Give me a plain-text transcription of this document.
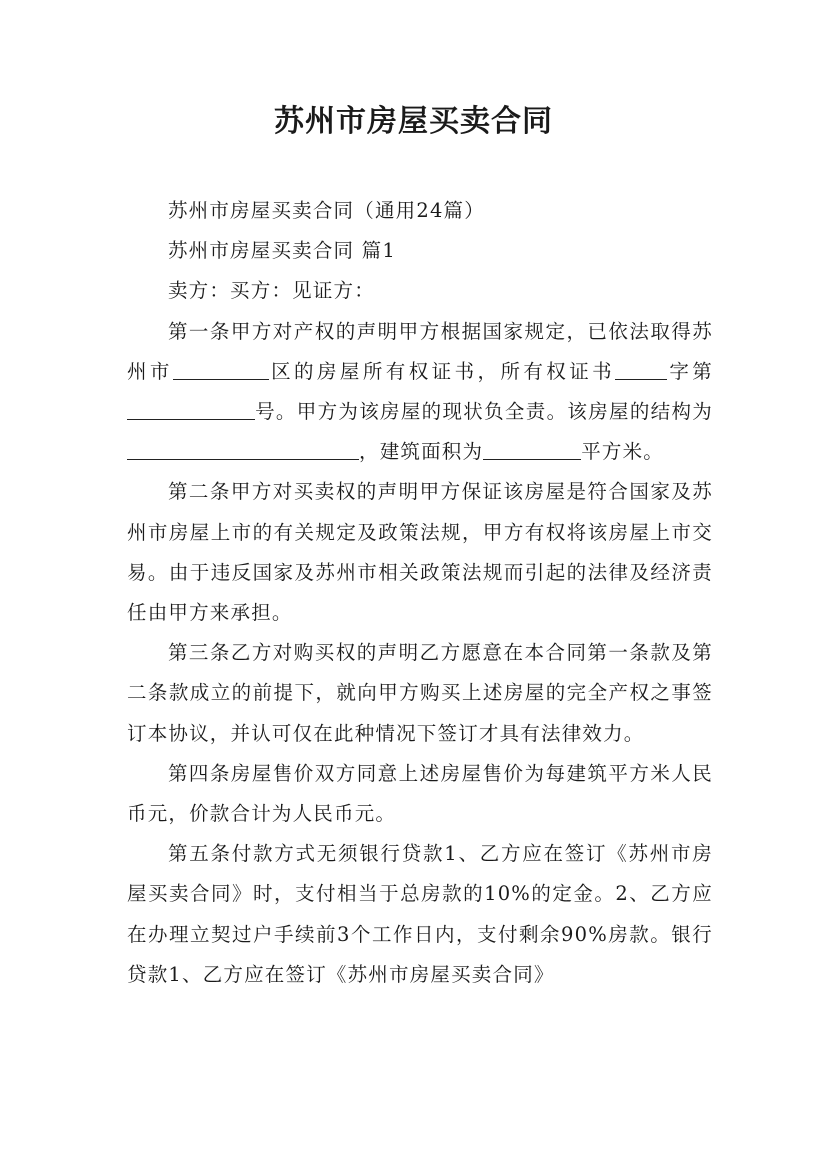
苏州市房屋买卖合同

苏州市房屋买卖合同（通用24篇）

苏州市房屋买卖合同 篇1

卖方：买方：见证方：

第一条甲方对产权的声明甲方根据国家规定，已依法取得苏州市	区的房屋所有权证书，所有权证书	字第号。甲方为该房屋的现状负全责。该房屋的结构为，建筑面积为	平方米。

第二条甲方对买卖权的声明甲方保证该房屋是符合国家及苏州市房屋上市的有关规定及政策法规，甲方有权将该房屋上市交易。由于违反国家及苏州市相关政策法规而引起的法律及经济责任由甲方来承担。

第三条乙方对购买权的声明乙方愿意在本合同第一条款及第二条款成立的前提下，就向甲方购买上述房屋的完全产权之事签订本协议，并认可仅在此种情况下签订才具有法律效力。

第四条房屋售价双方同意上述房屋售价为每建筑平方米人民币元，价款合计为人民币元。

第五条付款方式无须银行贷款1、乙方应在签订《苏州市房屋买卖合同》时，支付相当于总房款的10%的定金。2、乙方应在办理立契过户手续前3个工作日内，支付剩余90%房款。银行贷款1、乙方应在签订《苏州市房屋买卖合同》
